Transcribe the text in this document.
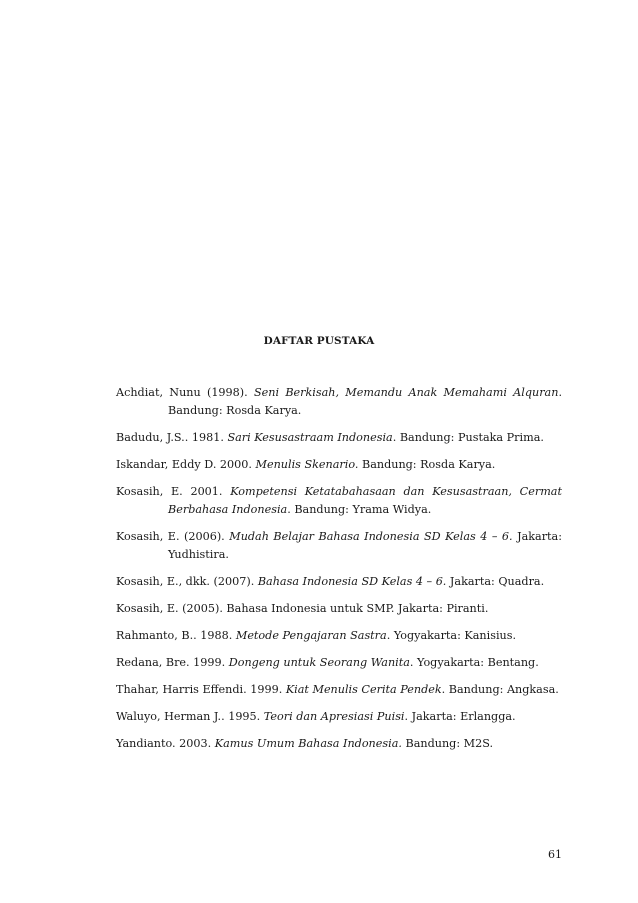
DAFTAR PUSTAKA

Achdiat, Nunu (1998). Seni Berkisah, Memandu Anak Memahami Alquran. Bandung: Rosda Karya.

Badudu, J.S.. 1981. Sari Kesusastraam Indonesia. Bandung: Pustaka Prima.

Iskandar, Eddy D. 2000. Menulis Skenario. Bandung: Rosda Karya.

Kosasih, E. 2001. Kompetensi Ketatabahasaan dan Kesusastraan, Cermat Berbahasa Indonesia. Bandung: Yrama Widya.

Kosasih, E. (2006). Mudah Belajar Bahasa Indonesia SD Kelas 4 – 6. Jakarta: Yudhistira.

Kosasih, E., dkk. (2007). Bahasa Indonesia SD Kelas 4 – 6. Jakarta: Quadra.

Kosasih, E. (2005). Bahasa Indonesia untuk SMP. Jakarta: Piranti.

Rahmanto, B.. 1988. Metode Pengajaran Sastra. Yogyakarta: Kanisius.

Redana, Bre. 1999. Dongeng untuk Seorang Wanita. Yogyakarta: Bentang.

Thahar, Harris Effendi. 1999. Kiat Menulis Cerita Pendek. Bandung: Angkasa.

Waluyo, Herman J.. 1995. Teori dan Apresiasi Puisi. Jakarta: Erlangga.

Yandianto. 2003. Kamus Umum Bahasa Indonesia. Bandung: M2S.

61
